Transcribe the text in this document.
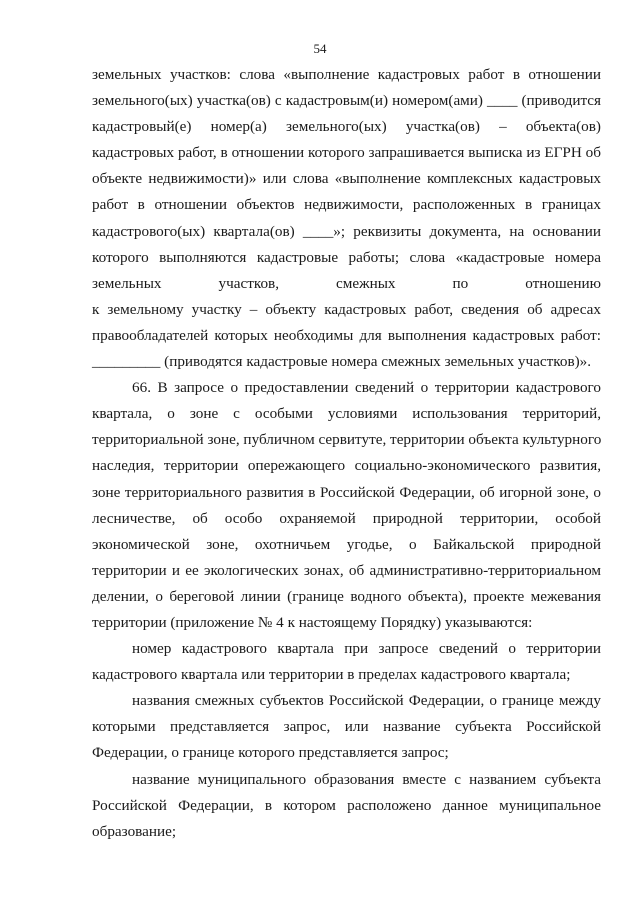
54
земельных участков: слова «выполнение кадастровых работ в отношении
земельного(ых) участка(ов) с кадастровым(и) номером(ами) ____ (приводится
кадастровый(е) номер(а) земельного(ых) участка(ов) – объекта(ов)
кадастровых работ, в отношении которого запрашивается выписка из ЕГРН об
объекте недвижимости)» или слова «выполнение комплексных кадастровых
работ в отношении объектов недвижимости, расположенных в границах
кадастрового(ых) квартала(ов) ____»; реквизиты документа, на основании
которого выполняются кадастровые работы; слова «кадастровые номера
земельных участков, смежных по отношению
к земельному участку – объекту кадастровых работ, сведения об адресах
правообладателей которых необходимы для выполнения кадастровых работ:
_________ (приводятся кадастровые номера смежных земельных участков)».
66. В запросе о предоставлении сведений о территории кадастрового
квартала, о зоне с особыми условиями использования территорий,
территориальной зоне, публичном сервитуте, территории объекта культурного
наследия, территории опережающего социально-экономического развития,
зоне территориального развития в Российской Федерации, об игорной зоне, о
лесничестве, об особо охраняемой природной территории, особой
экономической зоне, охотничьем угодье, о Байкальской природной
территории и ее экологических зонах, об административно-территориальном
делении, о береговой линии (границе водного объекта), проекте межевания
территории (приложение № 4 к настоящему Порядку) указываются:
номер кадастрового квартала при запросе сведений о территории
кадастрового квартала или территории в пределах кадастрового квартала;
названия смежных субъектов Российской Федерации, о границе между
которыми представляется запрос, или название субъекта Российской
Федерации, о границе которого представляется запрос;
название муниципального образования вместе с названием субъекта
Российской Федерации, в котором расположено данное муниципальное
образование;
